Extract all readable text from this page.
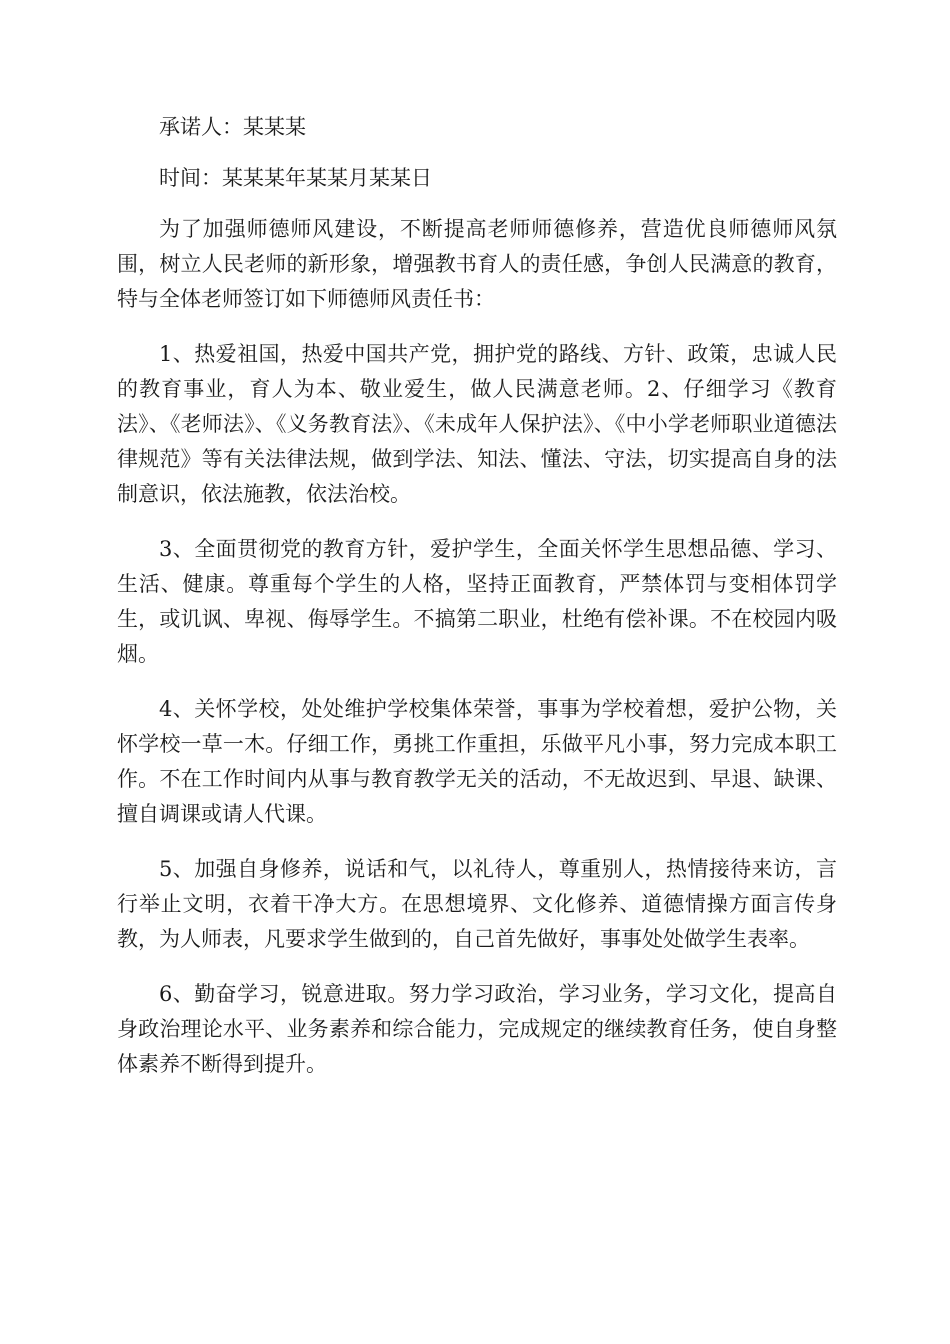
承诺人：某某某

时间：某某某年某某月某某日

为了加强师德师风建设，不断提高老师师德修养，营造优良师德师风氛围，树立人民老师的新形象，增强教书育人的责任感，争创人民满意的教育，特与全体老师签订如下师德师风责任书：

1、热爱祖国，热爱中国共产党，拥护党的路线、方针、政策，忠诚人民的教育事业，育人为本、敬业爱生，做人民满意老师。2、仔细学习《教育法》、《老师法》、《义务教育法》、《未成年人保护法》、《中小学老师职业道德法律规范》等有关法律法规，做到学法、知法、懂法、守法，切实提高自身的法制意识，依法施教，依法治校。

3、全面贯彻党的教育方针，爱护学生，全面关怀学生思想品德、学习、生活、健康。尊重每个学生的人格，坚持正面教育，严禁体罚与变相体罚学生，或讥讽、卑视、侮辱学生。不搞第二职业，杜绝有偿补课。不在校园内吸烟。

4、关怀学校，处处维护学校集体荣誉，事事为学校着想，爱护公物，关怀学校一草一木。仔细工作，勇挑工作重担，乐做平凡小事，努力完成本职工作。不在工作时间内从事与教育教学无关的活动，不无故迟到、早退、缺课、擅自调课或请人代课。

5、加强自身修养，说话和气，以礼待人，尊重别人，热情接待来访，言行举止文明，衣着干净大方。在思想境界、文化修养、道德情操方面言传身教，为人师表，凡要求学生做到的，自己首先做好，事事处处做学生表率。

6、勤奋学习，锐意进取。努力学习政治，学习业务，学习文化，提高自身政治理论水平、业务素养和综合能力，完成规定的继续教育任务，使自身整体素养不断得到提升。
